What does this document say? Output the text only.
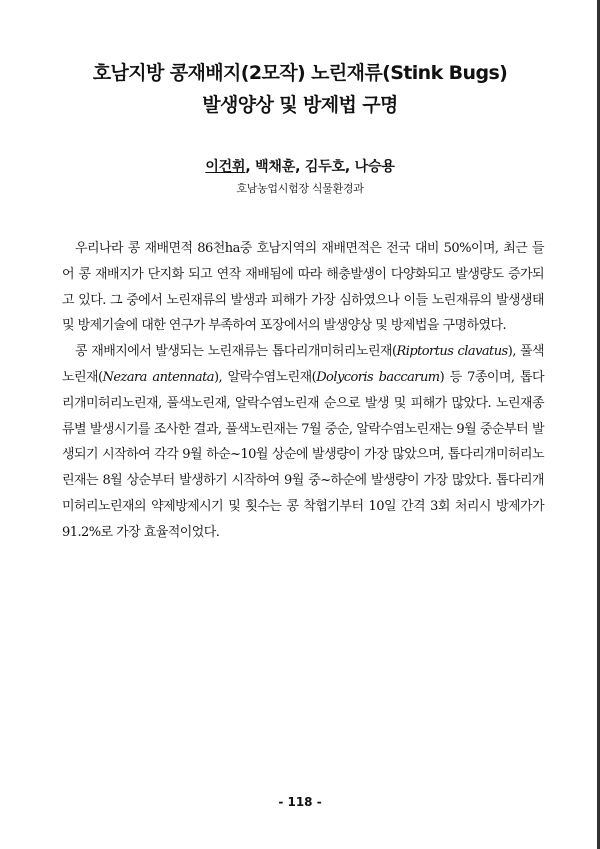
호남지방 콩재배지(2모작) 노린재류(Stink Bugs)
발생양상 및 방제법 구명
이건휘, 백채훈, 김두호, 나승용
호남농업시험장 식물환경과

우리나라 콩 재배면적 86천ha중 호남지역의 재배면적은 전국 대비 50%이며, 최근 들어 콩 재배지가 단지화 되고 연작 재배됨에 따라 해충발생이 다양화되고 발생량도 증가되고 있다. 그 중에서 노린재류의 발생과 피해가 가장 심하였으나 이들 노린재류의 발생생태 및 방제기술에 대한 연구가 부족하여 포장에서의 발생양상 및 방제법을 구명하였다.

콩 재배지에서 발생되는 노린재류는 톱다리개미허리노린재(Riptortus clavatus), 풀색노린재(Nezara antennata), 알락수염노린재(Dolycoris baccarum) 등 7종이며, 톱다리개미허리노린재, 풀색노린재, 알락수염노린재 순으로 발생 및 피해가 많았다. 노린재종류별 발생시기를 조사한 결과, 풀색노린재는 7월 중순, 알락수염노린재는 9월 중순부터 발생되기 시작하여 각각 9월 하순~10월 상순에 발생량이 가장 많았으며, 톱다리개미허리노린재는 8월 상순부터 발생하기 시작하여 9월 중~하순에 발생량이 가장 많았다. 톱다리개미허리노린재의 약제방제시기 및 횟수는 콩 착협기부터 10일 간격 3회 처리시 방제가가91.2%로 가장 효율적이었다.

- 118 -
